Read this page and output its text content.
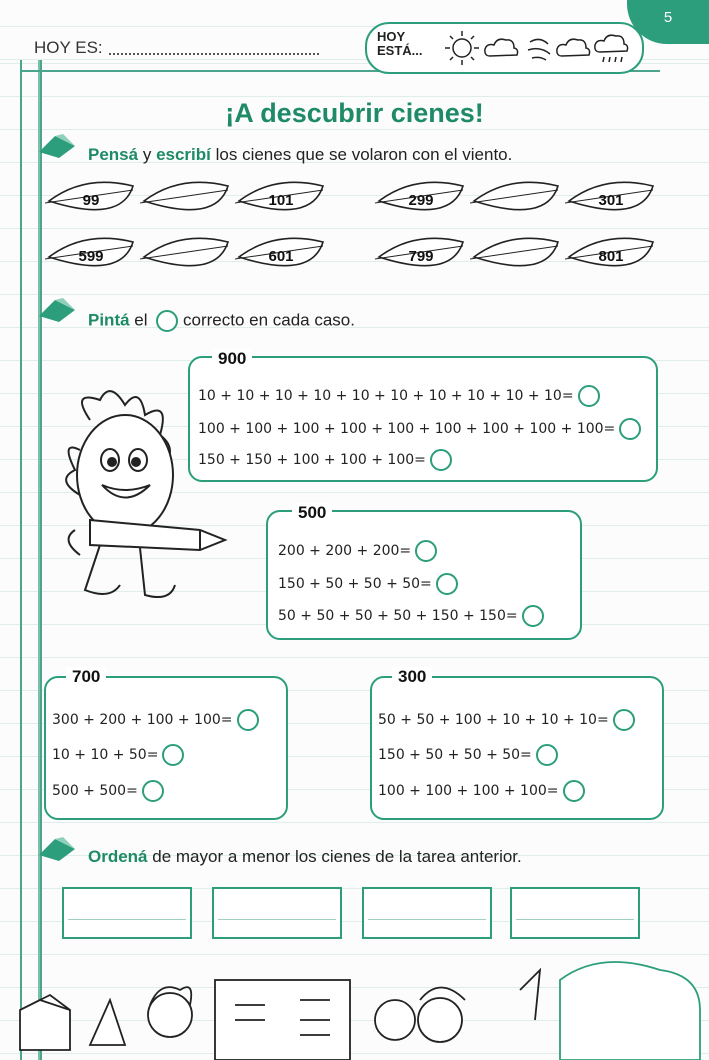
5
HOY ES:
HOY
ESTÁ...
¡A descubrir cienes!
Pensá y escribí los cienes que se volaron con el viento.
99	101	299	301
599	601	799	801
Pintá el correcto en cada caso.
900
10 + 10 + 10 + 10 + 10 + 10 + 10 + 10 + 10 + 10=
100 + 100 + 100 + 100 + 100 + 100 + 100 + 100 + 100=
150 + 150 + 100 + 100 + 100=
500
200 + 200 + 200=
150 + 50 + 50 + 50=
50 + 50 + 50 + 50 + 150 + 150=
700
300 + 200 + 100 + 100=
10 + 10 + 50=
500 + 500=
300
50 + 50 + 100 + 10 + 10 + 10=
150 + 50 + 50 + 50=
100 + 100 + 100 + 100=
Ordená de mayor a menor los cienes de la tarea anterior.
